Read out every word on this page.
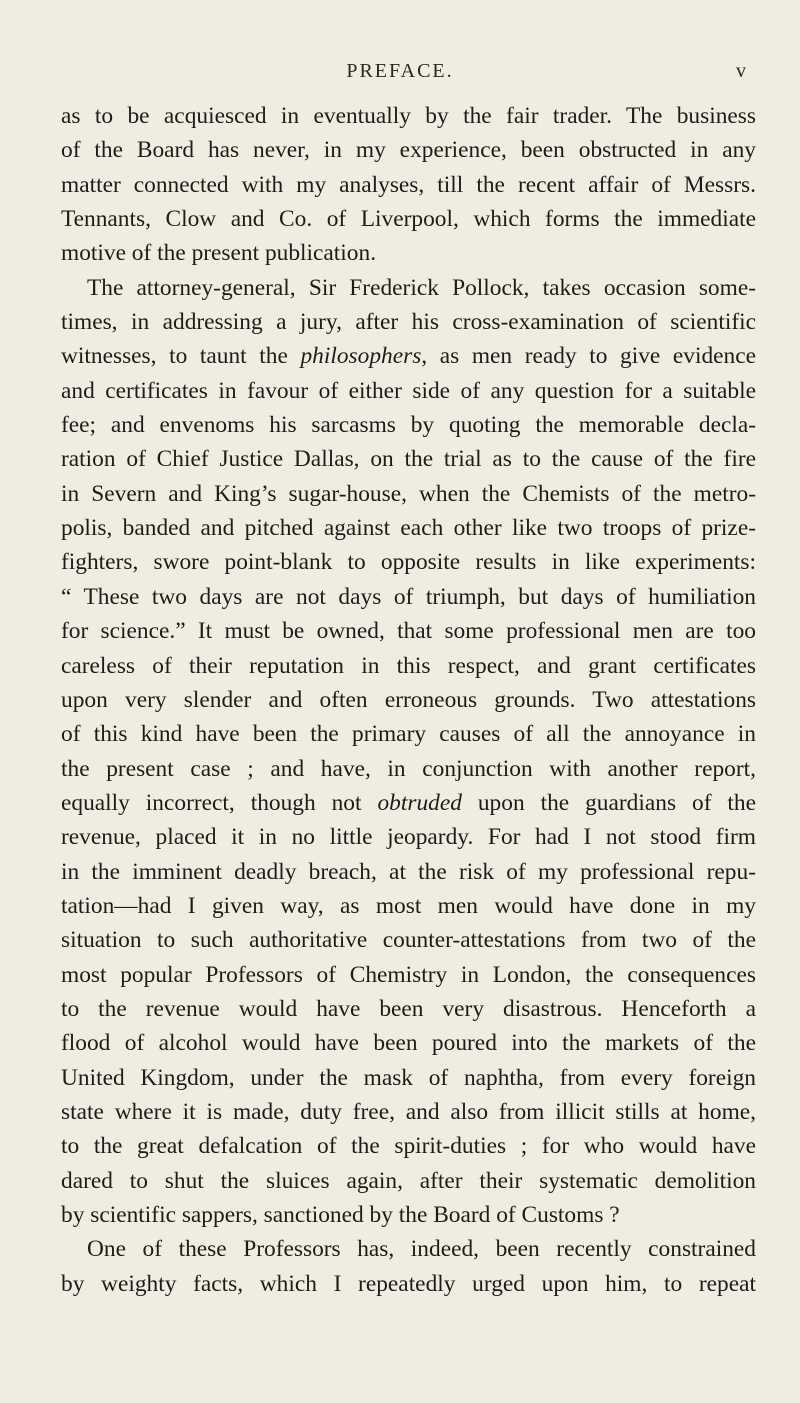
PREFACE.	v
as to be acquiesced in eventually by the fair trader. The business
of the Board has never, in my experience, been obstructed in any
matter connected with my analyses, till the recent affair of Messrs.
Tennants, Clow and Co. of Liverpool, which forms the immediate
motive of the present publication.
The attorney-general, Sir Frederick Pollock, takes occasion some-
times, in addressing a jury, after his cross-examination of scientific
witnesses, to taunt the philosophers, as men ready to give evidence
and certificates in favour of either side of any question for a suitable
fee; and envenoms his sarcasms by quoting the memorable decla-
ration of Chief Justice Dallas, on the trial as to the cause of the fire
in Severn and King’s sugar-house, when the Chemists of the metro-
polis, banded and pitched against each other like two troops of prize-
fighters, swore point-blank to opposite results in like experiments:
“ These two days are not days of triumph, but days of humiliation
for science.” It must be owned, that some professional men are too
careless of their reputation in this respect, and grant certificates
upon very slender and often erroneous grounds. Two attestations
of this kind have been the primary causes of all the annoyance in
the present case ; and have, in conjunction with another report,
equally incorrect, though not obtruded upon the guardians of the
revenue, placed it in no little jeopardy. For had I not stood firm
in the imminent deadly breach, at the risk of my professional repu-
tation—had I given way, as most men would have done in my
situation to such authoritative counter-attestations from two of the
most popular Professors of Chemistry in London, the consequences
to the revenue would have been very disastrous. Henceforth a
flood of alcohol would have been poured into the markets of the
United Kingdom, under the mask of naphtha, from every foreign
state where it is made, duty free, and also from illicit stills at home,
to the great defalcation of the spirit-duties ; for who would have
dared to shut the sluices again, after their systematic demolition
by scientific sappers, sanctioned by the Board of Customs ?
One of these Professors has, indeed, been recently constrained
by weighty facts, which I repeatedly urged upon him, to repeat
